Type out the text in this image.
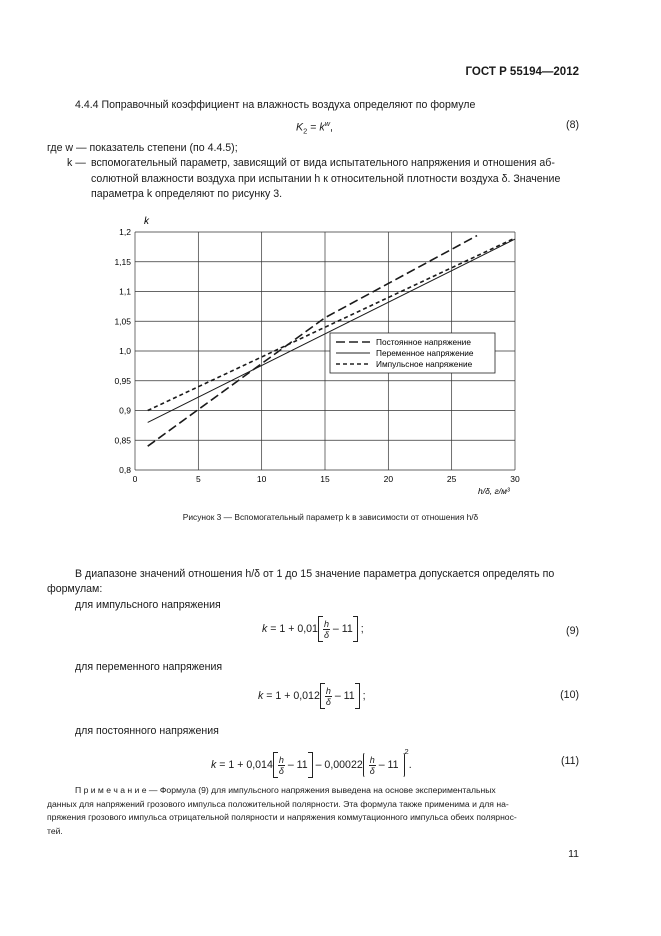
ГОСТ Р 55194—2012
4.4.4 Поправочный коэффициент на влажность воздуха определяют по формуле
$K_2 = k^w$,	(8)
где w — показатель степени (по 4.4.5);
k — вспомогательный параметр, зависящий от вида испытательного напряжения и отношения аб-
солютной влажности воздуха при испытании h к относительной плотности воздуха δ. Значение
параметра k определяют по рисунку 3.
0	5	10	15	20	25	30
0,8
0,85
0,9
0,95
1,0
1,05
1,1
1,15
1,2
k
h/δ, г/м³
Постоянное напряжение
Переменное напряжение
Импульсное напряжение
Рисунок 3 — Вспомогательный параметр k в зависимости от отношения h/δ
В диапазоне значений отношения h/δ от 1 до 15 значение параметра допускается определять по
формулам:
для импульсного напряжения
$k = 1 + 0,01 \frac{h}{\delta} - 11$ ;	(9)
для переменного напряжения
$k = 1 + 0,012 \frac{h}{\delta} - 11$ ;	(10)
для постоянного напряжения
$k = 1 + 0,014 \frac{h}{\delta} - 11 - 0,00022 \frac{h}{\delta} - 11^2$.	(11)
П р и м е ч а н и е — Формула (9) для импульсного напряжения выведена на основе экспериментальных
данных для напряжений грозового импульса положительной полярности. Эта формула также применима и для на-
пряжения грозового импульса отрицательной полярности и напряжения коммутационного импульса обеих полярнос-
тей.
11
